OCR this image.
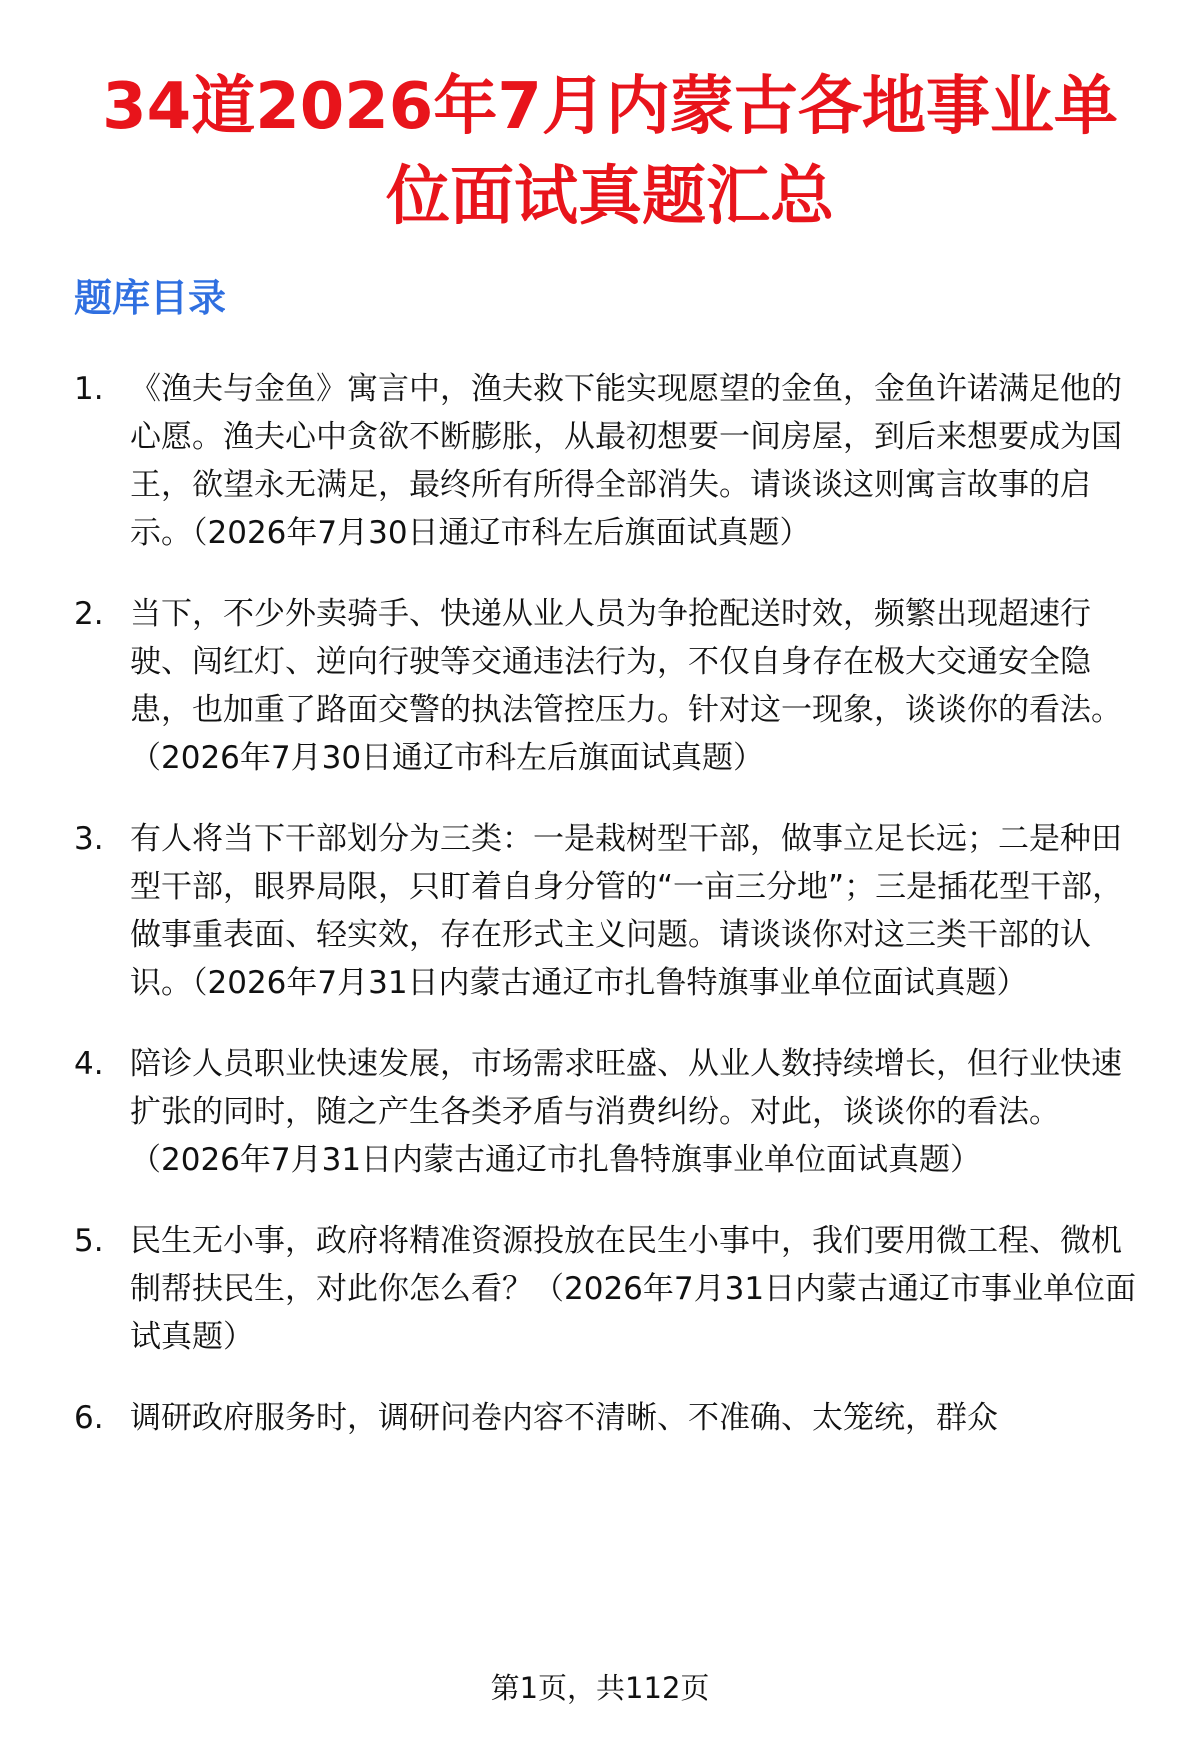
34道2026年7月内蒙古各地事业单位面试真题汇总
题库目录
1. 《渔夫与金鱼》寓言中，渔夫救下能实现愿望的金鱼，金鱼许诺满足他的心愿。渔夫心中贪欲不断膨胀，从最初想要一间房屋，到后来想要成为国王，欲望永无满足，最终所有所得全部消失。请谈谈这则寓言故事的启示。（2026年7月30日通辽市科左后旗面试真题）
2. 当下，不少外卖骑手、快递从业人员为争抢配送时效，频繁出现超速行驶、闯红灯、逆向行驶等交通违法行为，不仅自身存在极大交通安全隐患，也加重了路面交警的执法管控压力。针对这一现象，谈谈你的看法。（2026年7月30日通辽市科左后旗面试真题）
3. 有人将当下干部划分为三类：一是栽树型干部，做事立足长远；二是种田型干部，眼界局限，只盯着自身分管的“一亩三分地”；三是插花型干部，做事重表面、轻实效，存在形式主义问题。请谈谈你对这三类干部的认识。（2026年7月31日内蒙古通辽市扎鲁特旗事业单位面试真题）
4. 陪诊人员职业快速发展，市场需求旺盛、从业人数持续增长，但行业快速扩张的同时，随之产生各类矛盾与消费纠纷。对此，谈谈你的看法。（2026年7月31日内蒙古通辽市扎鲁特旗事业单位面试真题）
5. 民生无小事，政府将精准资源投放在民生小事中，我们要用微工程、微机制帮扶民生，对此你怎么看？（2026年7月31日内蒙古通辽市事业单位面试真题）
6. 调研政府服务时，调研问卷内容不清晰、不准确、太笼统，群众
第1页，共112页
